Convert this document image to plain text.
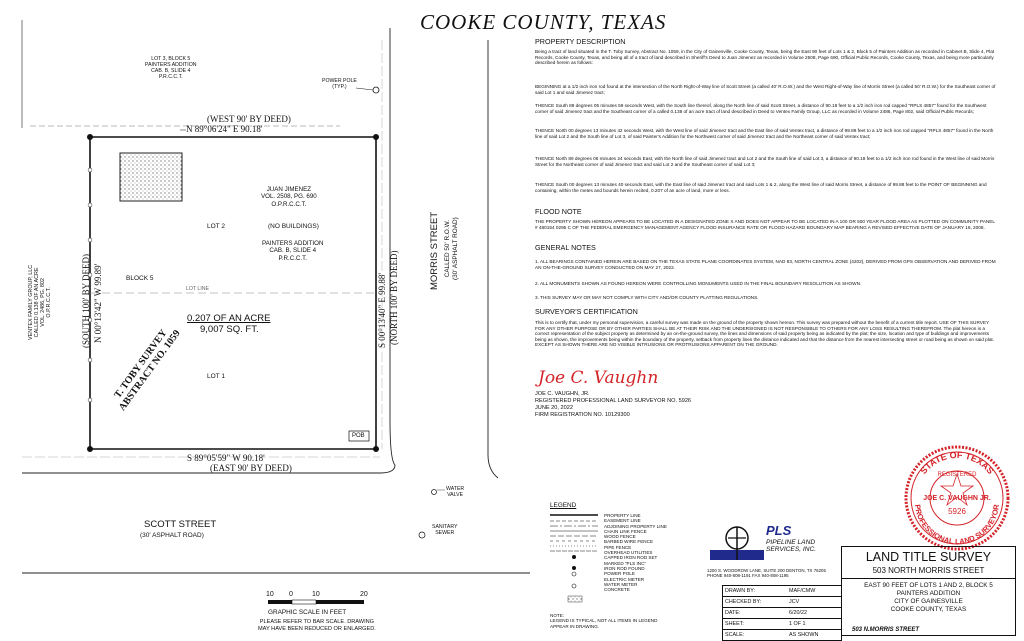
COOKE COUNTY, TEXAS
LOT 3, BLOCK 5
PAINTERS ADDITION
CAB. B, SLIDE 4
P.R.C.C.T.
POWER POLE
(TYP.)
(WEST 90' BY DEED)
N 89°06'24" E 90.18'
JUAN JIMENEZ
VOL. 2508, PG. 690
O.P.R.C.C.T.
(NO BUILDINGS)
PAINTERS ADDITION
CAB. B, SLIDE 4
P.R.C.C.T.
LOT 2
BLOCK 5
LOT LINE
0.207 OF AN ACRE
9,007 SQ. FT.
LOT 1
T. TOBY SURVEY
ABSTRACT NO. 1059
POB
S 89°05'59" W 90.18'
(EAST 90' BY DEED)
N 00°13'42" W 99.89'
(SOUTH 100' BY DEED)	S 00°13'40" E 99.88' (NORTH 100' BY DEED)
VENTEX FAMILY GROUP, LLC
CALLED 0.138 OF AN ACRE
VOL. 2486, PG. 802
O.P.R.C.C.T.
MORRIS STREET CALLED 50' R.O.W.
(30' ASPHALT ROAD)
SCOTT STREET
(30' ASPHALT ROAD)
WATER
VALVE
SANITARY
SEWER
10 0	10	20
GRAPHIC SCALE IN FEET
PLEASE REFER TO BAR SCALE. DRAWING
MAY HAVE BEEN REDUCED OR ENLARGED.
PROPERTY DESCRIPTION
Being a tract of land situated in the T. Toby Survey, Abstract No. 1059, in the City of Gainesville, Cooke County, Texas, being the East 90 feet of Lots 1 & 2, Block 5 of Painters Addition as recorded in Cabinet B, Slide 4, Plat Records, Cooke County, Texas, and being all of a tract of land described in Sheriff's Deed to Juan Jimenez as recorded in Volume 2508, Page 690, Official Public Records, Cooke County, Texas, and being more particularly described herein as follows:
BEGINNING at a 1/2 inch iron rod found at the intersection of the North Right-of-Way line of Scott Street (a called 40' R.O.W.) and the West Right-of-Way line of Morris Street (a called 50' R.O.W.) for the Southeast corner of said Lot 1 and said Jimenez tract;
THENCE South 89 degrees 05 minutes 59 seconds West, with the South line thereof, along the North line of said Scott Street, a distance of 90.18 feet to a 1/2 inch iron rod capped "RPLS 4857" found for the Southwest corner of said Jimenez tract and the Southeast corner of a called 0.138 of an acre tract of land described in Deed to Ventex Family Group, LLC as recorded in Volume 2486, Page 802, said Official Public Records;
THENCE North 00 degrees 13 minutes 42 seconds West, with the West line of said Jimenez tract and the East line of said Ventex tract, a distance of 99.89 feet to a 1/2 inch iron rod capped "RPLS 4857" found in the North line of said Lot 2 and the South line of Lot 3, of said Painter's Addition for the Northwest corner of said Jimenez tract and the Northeast corner of said Ventex tract;
THENCE North 89 degrees 06 minutes 24 seconds East, with the North line of said Jimenez tract and Lot 2 and the South line of said Lot 3, a distance of 90.18 feet to a 1/2 inch iron rod found in the West line of said Morris Street for the Northeast corner of said Jimenez tract and said Lot 2 and the Southeast corner of said Lot 3;
THENCE South 00 degrees 13 minutes 40 seconds East, with the East line of said Jimenez tract and said Lots 1 & 2, along the West line of said Morris Street, a distance of 99.88 feet to the POINT OF BEGINNING and containing, within the metes and bounds herein recited, 0.207 of an acre of land, more or less.
FLOOD NOTE
THE PROPERTY SHOWN HEREON APPEARS TO BE LOCATED IN A DESIGNATED ZONE X AND DOES NOT APPEAR TO BE LOCATED IN A 100 OR 500 YEAR FLOOD AREA AS PLOTTED ON COMMUNITY PANEL # 480154 0295 C OF THE FEDERAL EMERGENCY MANAGEMENT AGENCY FLOOD INSURANCE RATE OR FLOOD HAZARD BOUNDARY MAP BEARING A REVISED EFFECTIVE DATE OF JANUARY 16, 2008.
GENERAL NOTES
1. ALL BEARINGS CONTAINED HEREIN ARE BASED ON THE TEXAS STATE PLANE COORDINATES SYSTEM, NAD 83, NORTH CENTRAL ZONE (4202), DERIVED FROM GPS OBSERVATION AND DERIVED FROM AN ON-THE-GROUND SURVEY CONDUCTED ON MAY 27, 2022.
2. ALL MONUMENTS SHOWN AS FOUND HEREON WERE CONTROLLING MONUMENTS USED IN THE FINAL BOUNDARY RESOLUTION AS SHOWN.
3. THIS SURVEY MAY OR MAY NOT COMPLY WITH CITY AND/OR COUNTY PLATTING REGULATIONS.
SURVEYOR'S CERTIFICATION
This is to certify that, under my personal supervision, a careful survey was made on the ground of the property shown hereon. This survey was prepared without the benefit of a current title report. USE OF THIS SURVEY FOR ANY OTHER PURPOSE OR BY OTHER PARTIES SHALL BE AT THEIR RISK AND THE UNDERSIGNED IS NOT RESPONSIBLE TO OTHERS FOR ANY LOSS RESULTING THEREFROM. The plat hereon is a correct representation of the subject property as determined by an on-the-ground survey, the lines and dimensions of said property being as indicated by the plat; the size, location and type of buildings and improvements being as shown, the improvements being within the boundary of the property, setback from property lines the distance indicated and that the distance from the nearest intersecting street or road being as shown on said plat. EXCEPT AS SHOWN THERE ARE NO VISIBLE INTRUSIONS OR PROTRUSIONS APPARENT ON THE GROUND.
Joe C. Vaughn
JOE C. VAUGHN, JR.
REGISTERED PROFESSIONAL LAND SURVEYOR NO. 5926
JUNE 20, 2022
FIRM REGISTRATION NO. 10129300
STATE OF TEXAS
PROFESSIONAL LAND SURVEYOR
REGISTERED
JOE C. VAUGHN JR.
5926
LEGEND
PROPERTY LINE
EASEMENT LINE
ADJOINING PROPERTY LINE
CHAIN LINK FENCE
WOOD FENCE
BARBED WIRE FENCE
PIPE FENCE
OVERHEAD UTILITIES
CAPPED IRON ROD SET
MARKED "PLS INC"
IRON ROD FOUND
POWER POLE
ELECTRIC METER
WATER METER
CONCRETE
NOTE:
LEGEND IS TYPICAL, NOT ALL ITEMS IN LEGEND
APPEAR IN DRAWING.
PLS
PIPELINE LAND
SERVICES, INC.
1200 S. WOODROW LANE, SUITE 200 DENTON, TX 76205
PHONE 940-808-1191 FAX 940-808-1195
LAND TITLE SURVEY
503 NORTH MORRIS STREET
EAST 90 FEET OF LOTS 1 AND 2, BLOCK 5
PAINTERS ADDITION
CITY OF GAINESVILLE
COOKE COUNTY, TEXAS
DRAWN BY:	MAF/CMW
CHECKED BY:	JCV
DATE:	6/20/22
SHEET:	1 OF 1
SCALE:	AS SHOWN
503 N.MORRIS STREET
